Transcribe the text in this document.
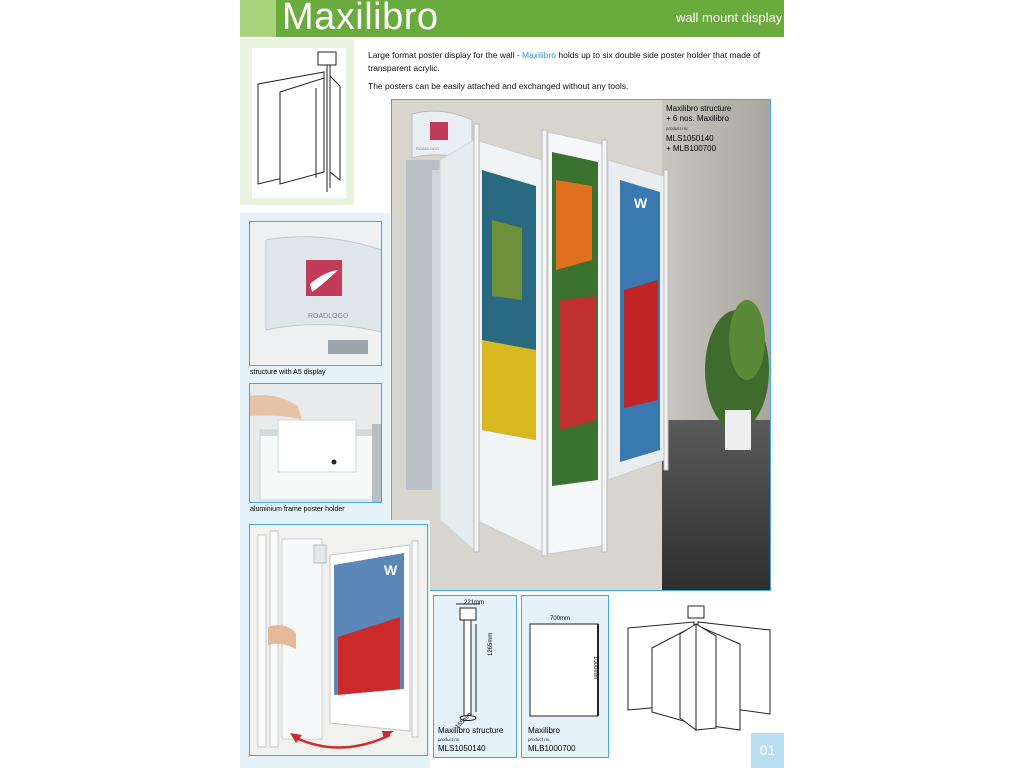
Maxilibro	wall mount display
Large format poster display for the wall - Maxilibro holds up to six double side poster holder that made of transparent acrylic.
The posters can be easily attached and exchanged without any tools.
ROADLOGO
W
Maxilibro structure
+ 6 nos. Maxilibro
product no.
MLS1050140
+ MLB100700
ROADLOGO
structure with A5 display
aluminium frame poster holder
W
221mm
1265mm
155mm
Maxilibro structure
product no.
MLS1050140
700mm
1000mm
Maxilibro
product no.
MLB1000700	01
